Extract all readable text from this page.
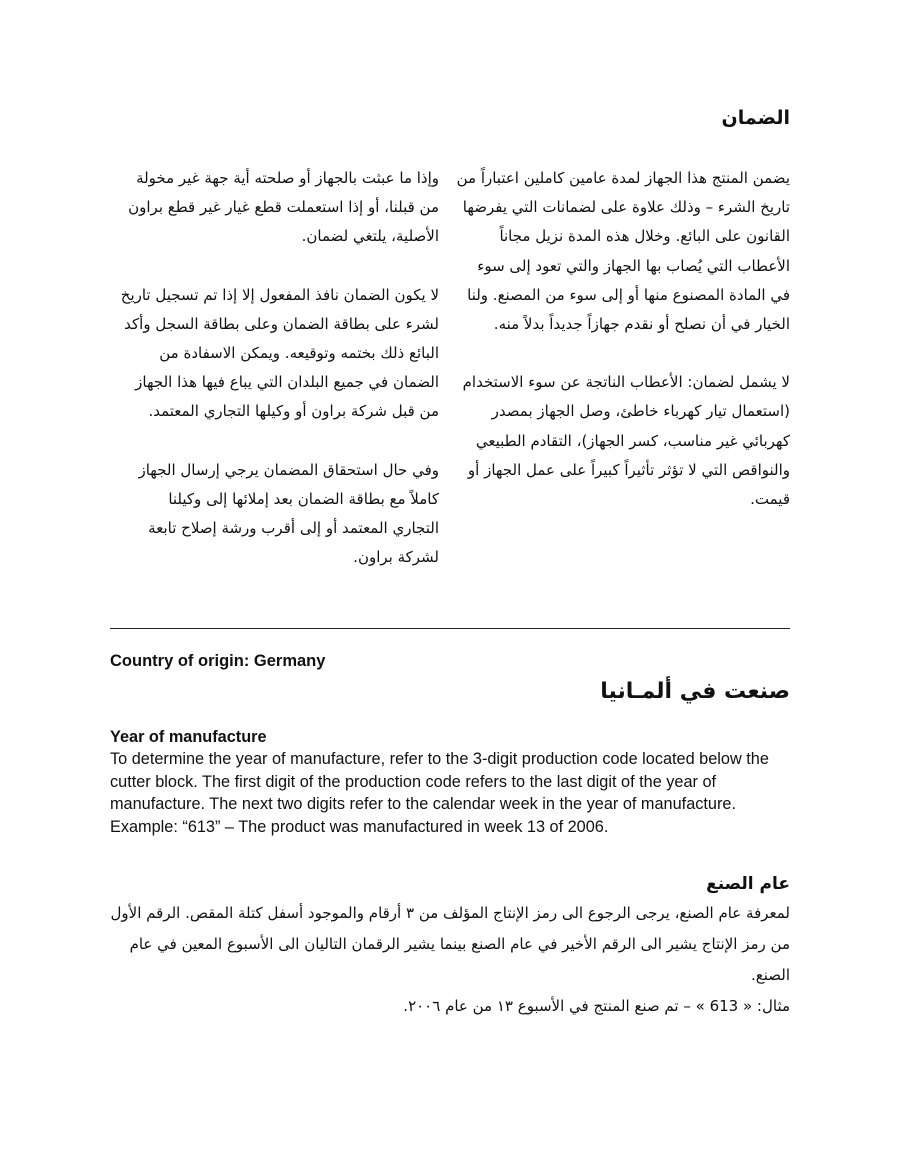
الضمان

يضمن المنتج هذا الجهاز لمدة عامين كاملين اعتباراً من تاريخ الشرء – وذلك علاوة على لضمانات التي يفرضها القانون على البائع. وخلال هذه المدة نزيل مجاناً الأعطاب التي يُصاب بها الجهاز والتي تعود إلى سوء في المادة المصنوع منها أو إلى سوء من المصنع. ولنا الخيار في أن نصلح أو نقدم جهازاً جديداً بدلاً منه.

لا يشمل لضمان: الأعطاب الناتجة عن سوء الاستخدام (استعمال تيار كهرباء خاطئ، وصل الجهاز بمصدر كهربائي غير مناسب، كسر الجهاز)، التقادم الطبيعي والنواقص التي لا تؤثر تأثيراً كبيراً على عمل الجهاز أو قيمت.

وإذا ما عبثت بالجهاز أو صلحته أية جهة غير مخولة من قبلنا، أو إذا استعملت قطع غيار غير قطع براون الأصلية، يلتغي لضمان.

لا يكون الضمان نافذ المفعول إلا إذا تم تسجيل تاريخ لشرء على بطاقة الضمان وعلى بطاقة السجل وأكد البائع ذلك بختمه وتوقيعه. ويمكن الاسفادة من الضمان في جميع البلدان التي يباع فيها هذا الجهاز من قبل شركة براون أو وكيلها التجاري المعتمد.

وفي حال استحقاق المضمان يرجي إرسال الجهاز كاملاً مع بطاقة الضمان بعد إملائها إلى وكيلنا التجاري المعتمد أو إلى أقرب ورشة إصلاح تابعة لشركة براون.

Country of origin: Germany
صنعت في ألمـانيا
Year of manufacture

To determine the year of manufacture, refer to the 3-digit production code located below the cutter block. The first digit of the production code refers to the last digit of the year of manufacture. The next two digits refer to the calendar week in the year of manufacture.

Example: “613” – The product was manufactured in week 13 of 2006.

عام الصنع

لمعرفة عام الصنع، يرجى الرجوع الى رمز الإنتاج المؤلف من ٣ أرقام والموجود أسفل كتلة المقص. الرقم الأول من رمز الإنتاج يشير الى الرقم الأخير في عام الصنع بينما يشير الرقمان التاليان الى الأسبوع المعين في عام الصنع.

مثال: « 613 » – تم صنع المنتج في الأسبوع ١٣ من عام ٢٠٠٦.
